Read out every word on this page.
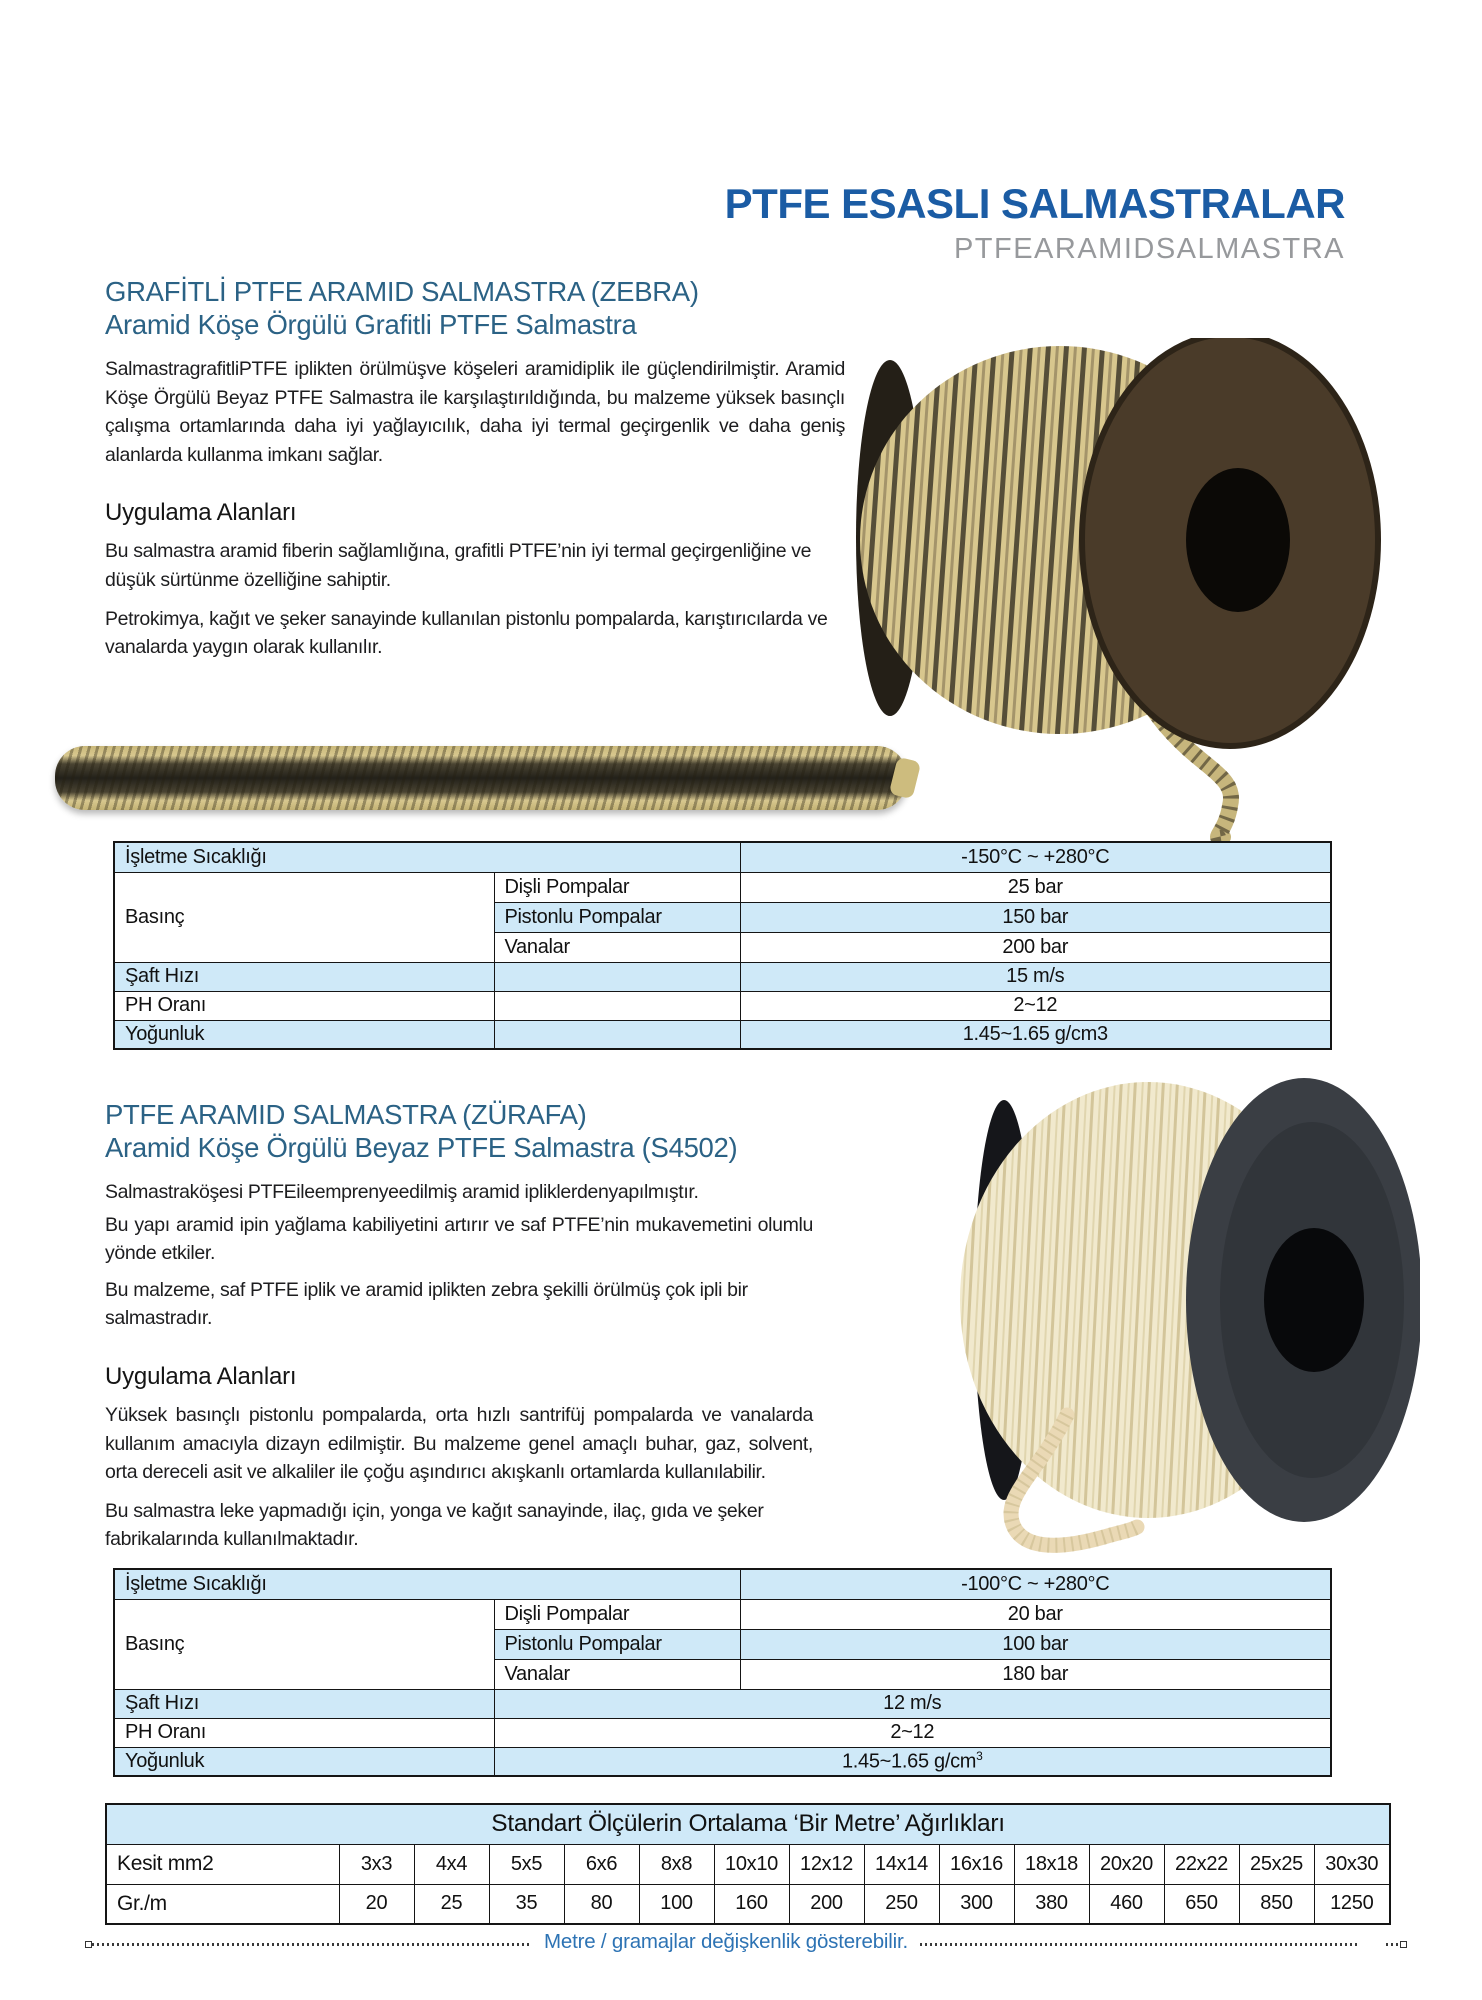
PTFE ESASLI SALMASTRALAR
PTFEARAMIDSALMASTRA
GRAFİTLİ PTFE ARAMID SALMASTRA (ZEBRA)
Aramid Köşe Örgülü Grafitli PTFE Salmastra

SalmastragrafitliPTFE iplikten örülmüşve köşeleri aramidiplik ile güçlendirilmiştir. Aramid Köşe Örgülü Beyaz PTFE Salmastra ile karşılaştırıldığında, bu malzeme yüksek basınçlı çalışma ortamlarında daha iyi yağlayıcılık, daha iyi termal geçirgenlik ve daha geniş alanlarda kullanma imkanı sağlar.

Uygulama Alanları

Bu salmastra aramid fiberin sağlamlığına, grafitli PTFE’nin iyi termal geçirgenliğine ve düşük sürtünme özelliğine sahiptir.

Petrokimya, kağıt ve şeker sanayinde kullanılan pistonlu pompalarda, karıştırıcılarda ve vanalarda yaygın olarak kullanılır.

İşletme Sıcaklığı		-150°C ~ +280°C
Basınç	Dişli Pompalar	25 bar
	Pistonlu Pompalar	150 bar
	Vanalar	200 bar
Şaft Hızı		15 m/s
PH Oranı		2~12
Yoğunluk		1.45~1.65 g/cm3
PTFE ARAMID SALMASTRA (ZÜRAFA)
Aramid Köşe Örgülü Beyaz PTFE Salmastra (S4502)

Salmastraköşesi PTFEileemprenyeedilmiş aramid ipliklerdenyapılmıştır.

Bu yapı aramid ipin yağlama kabiliyetini artırır ve saf PTFE’nin mukavemetini olumlu yönde etkiler.

Bu malzeme, saf PTFE iplik ve aramid iplikten zebra şekilli örülmüş çok ipli bir salmastradır.

Uygulama Alanları

Yüksek basınçlı pistonlu pompalarda, orta hızlı santrifüj pompalarda ve vanalarda kullanım amacıyla dizayn edilmiştir. Bu malzeme genel amaçlı buhar, gaz, solvent, orta dereceli asit ve alkaliler ile çoğu aşındırıcı akışkanlı ortamlarda kullanılabilir.

Bu salmastra leke yapmadığı için, yonga ve kağıt sanayinde, ilaç, gıda ve şeker fabrikalarında kullanılmaktadır.

İşletme Sıcaklığı		-100°C ~ +280°C
Basınç	Dişli Pompalar	20 bar
	Pistonlu Pompalar	100 bar
	Vanalar	180 bar
Şaft Hızı	12 m/s	
PH Oranı	2~12	
Yoğunluk	1.45~1.65 $g/cm^3$
Standart Ölçülerin Ortalama ‘Bir Metre’ Ağırlıkları														
Kesit mm2	3x3	4x4	5x5	6x6	8x8	10x10	12x12	14x14	16x16	18x18	20x20	22x22	25x25	30x30
Gr./m	20	25	35	80	100	160	200	250	300	380	460	650	850	1250
Metre / gramajlar değişkenlik gösterebilir.
